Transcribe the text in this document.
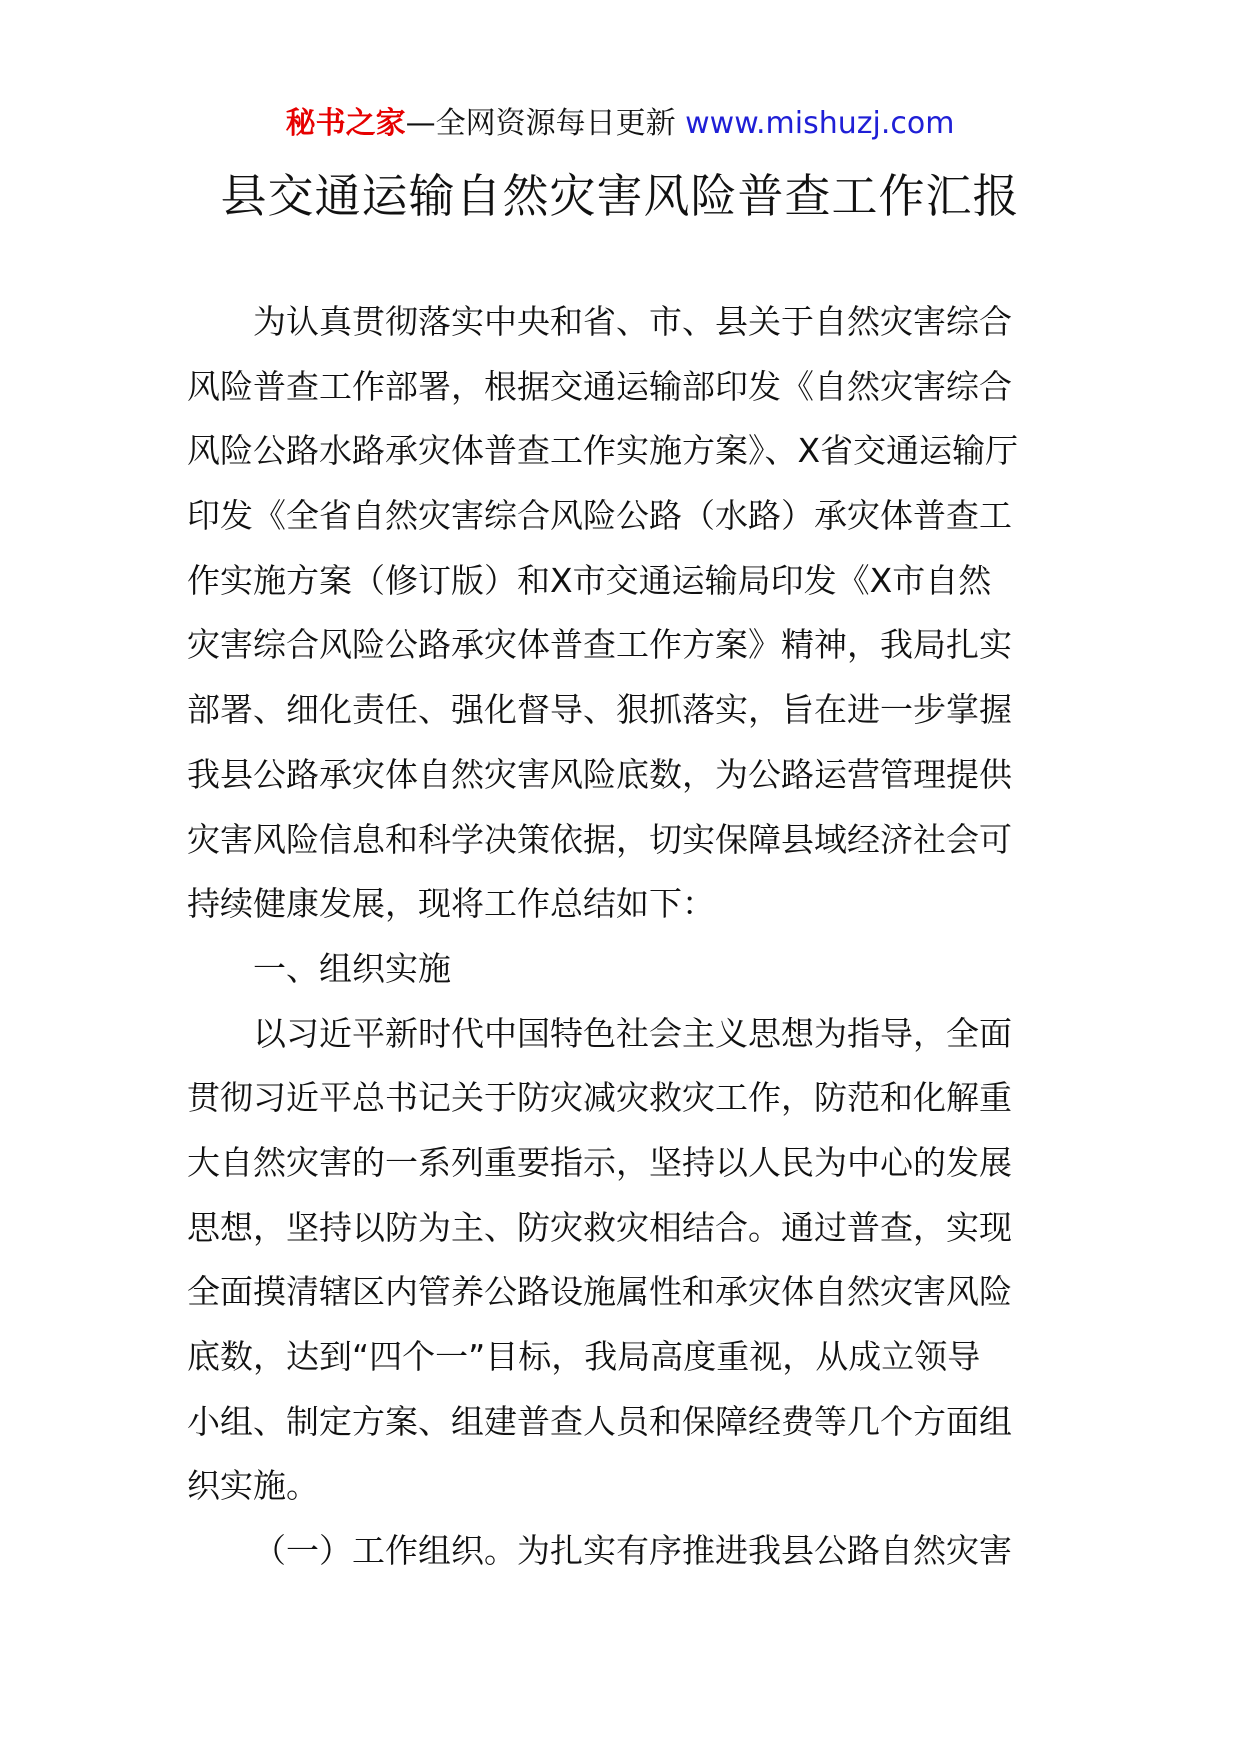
秘书之家—全网资源每日更新 www.mishuzj.com
县交通运输自然灾害风险普查工作汇报
为认真贯彻落实中央和省、市、县关于自然灾害综合
风险普查工作部署，根据交通运输部印发《自然灾害综合
风险公路水路承灾体普查工作实施方案》、X省交通运输厅
印发《全省自然灾害综合风险公路（水路）承灾体普查工
作实施方案（修订版）和X市交通运输局印发《X市自然
灾害综合风险公路承灾体普查工作方案》精神，我局扎实
部署、细化责任、强化督导、狠抓落实，旨在进一步掌握
我县公路承灾体自然灾害风险底数，为公路运营管理提供
灾害风险信息和科学决策依据，切实保障县域经济社会可
持续健康发展，现将工作总结如下：
一、组织实施
以习近平新时代中国特色社会主义思想为指导，全面
贯彻习近平总书记关于防灾减灾救灾工作，防范和化解重
大自然灾害的一系列重要指示，坚持以人民为中心的发展
思想，坚持以防为主、防灾救灾相结合。通过普查，实现
全面摸清辖区内管养公路设施属性和承灾体自然灾害风险
底数，达到“四个一”目标，我局高度重视，从成立领导
小组、制定方案、组建普查人员和保障经费等几个方面组
织实施。
（一）工作组织。为扎实有序推进我县公路自然灾害
